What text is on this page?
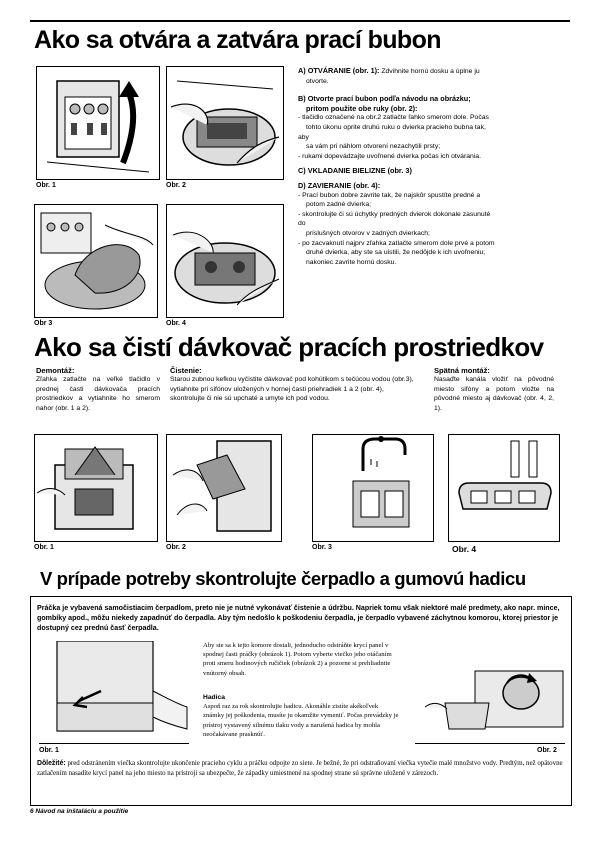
Ako sa otvára a zatvára prací bubon
Obr. 1	Obr. 2
Obr 3	Obr. 4
A) OTVÁRANIE (obr. 1): Zdvihnite hornú dosku a úplne ju
otvorte.
B) Otvorte prací bubon podľa návodu na obrázku;
pritom použite obe ruky (obr. 2):
- tlačidlo označené na obr.2 zatlačte ľahko smerom dole. Počas
tohto úkonu oprite druhú ruku o dvierka pracieho bubna tak,
aby
sa vám pri náhlom otvorení nezachytili prsty;
- rukami dopevádzajte uvoľnené dvierka počas ich otvárania.
C) VKLADANIE BIELIZNE (obr. 3)
D) ZAVIERANIE (obr. 4):
- Prací bubon dobre zavrite tak, že najskôr spustíte predné a
potom zadné dvierka;
- skontrolujte či sú úchytky predných dvierok dokonale zasunuté
do
príslušných otvorov v zadných dvierkach;
- po zacvaknutí najprv zľahka zatlačte smerom dole prvé a potom
druhé dvierka, aby ste sa uistili, že nedôjde k ich uvoľneniu;
nakoniec zavrite hornú dosku.
Ako sa čistí dávkovač pracích prostriedkov
Demontáž:
Zľahka zatlačte na veľké tlačidlo v prednej časti dávkovača pracích prostriedkov a vytiahnite ho smerom nahor (obr. 1 a 2).
Čistenie:
Starou zubnou kefkou vyčistite dávkovač pod kohútikom s tečúcou vodou (obr.3), vytiahnite pri sifónov uložených v hornej časti priehradiek 1 a 2 (obr. 4), skontrolujte či nie sú upchaté a umyte ich pod vodou.
Spätná montáž:
Nasaďte kanála vložiť na pôvodné miesto sifóny a potom vložte na pôvodné miesto aj dávkovač (obr. 4, 2, 1).
Obr. 1	Obr. 2	Obr. 3	Obr. 4
V prípade potreby skontrolujte čerpadlo a gumovú hadicu
Práčka je vybavená samočistiacim čerpadlom, preto nie je nutné vykonávať čistenie a údržbu. Napriek tomu však niektoré malé predmety, ako napr. mince, gombíky apod., môžu niekedy zapadnúť do čerpadla. Aby tým nedošlo k poškodeniu čerpadla, je čerpadlo vybavené záchytnou komorou, ktorej priestor je dostupný cez prednú časť čerpadla.
Obr. 1
Aby ste sa k tejto komore dostali, jednoducho odstráňte krycí panel v spodnej časti práčky (obrázok 1). Potom vyberte viečko jeho otáčaním proti smeru hodinových ručičiek (obrázok 2) a pozorne si prehliadnite vnútorný obsah.
Hadica
Aspoň raz za rok skontrolujte hadicu. Akonáhle zistíte akékoľvek známky jej poškodenia, musíte ju okamžite vymeniť. Počas prevádzky je prístroj vystavený silnému tlaku vody a narušená hadica by mohla neočakávane prasknúť.
Obr. 2
Dôležité: pred odstránením viečka skontrolujte ukončenie pracieho cyklu a práčku odpojte zo siete. Je bežné, že pri odstraňovaní viečka vytečie malé množstvo vody. Predtým, než opätovne zatlačením nasadíte krycí panel na jeho miesto na prístroji sa ubezpečte, že západky umiestnené na spodnej strane sú správne uložené v zárezoch.
6 Návod na inštaláciu a použitie
